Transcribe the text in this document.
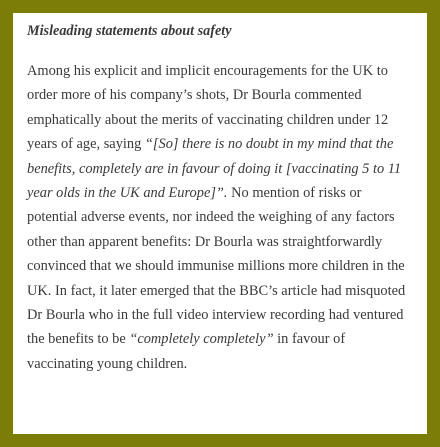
Misleading statements about safety

Among his explicit and implicit encouragements for the UK to order more of his company’s shots, Dr Bourla commented emphatically about the merits of vaccinating children under 12 years of age, saying “[So] there is no doubt in my mind that the benefits, completely are in favour of doing it [vaccinating 5 to 11 year olds in the UK and Europe]”. No mention of risks or potential adverse events, nor indeed the weighing of any factors other than apparent benefits: Dr Bourla was straightforwardly convinced that we should immunise millions more children in the UK. In fact, it later emerged that the BBC’s article had misquoted Dr Bourla who in the full video interview recording had ventured the benefits to be “completely completely” in favour of vaccinating young children.
